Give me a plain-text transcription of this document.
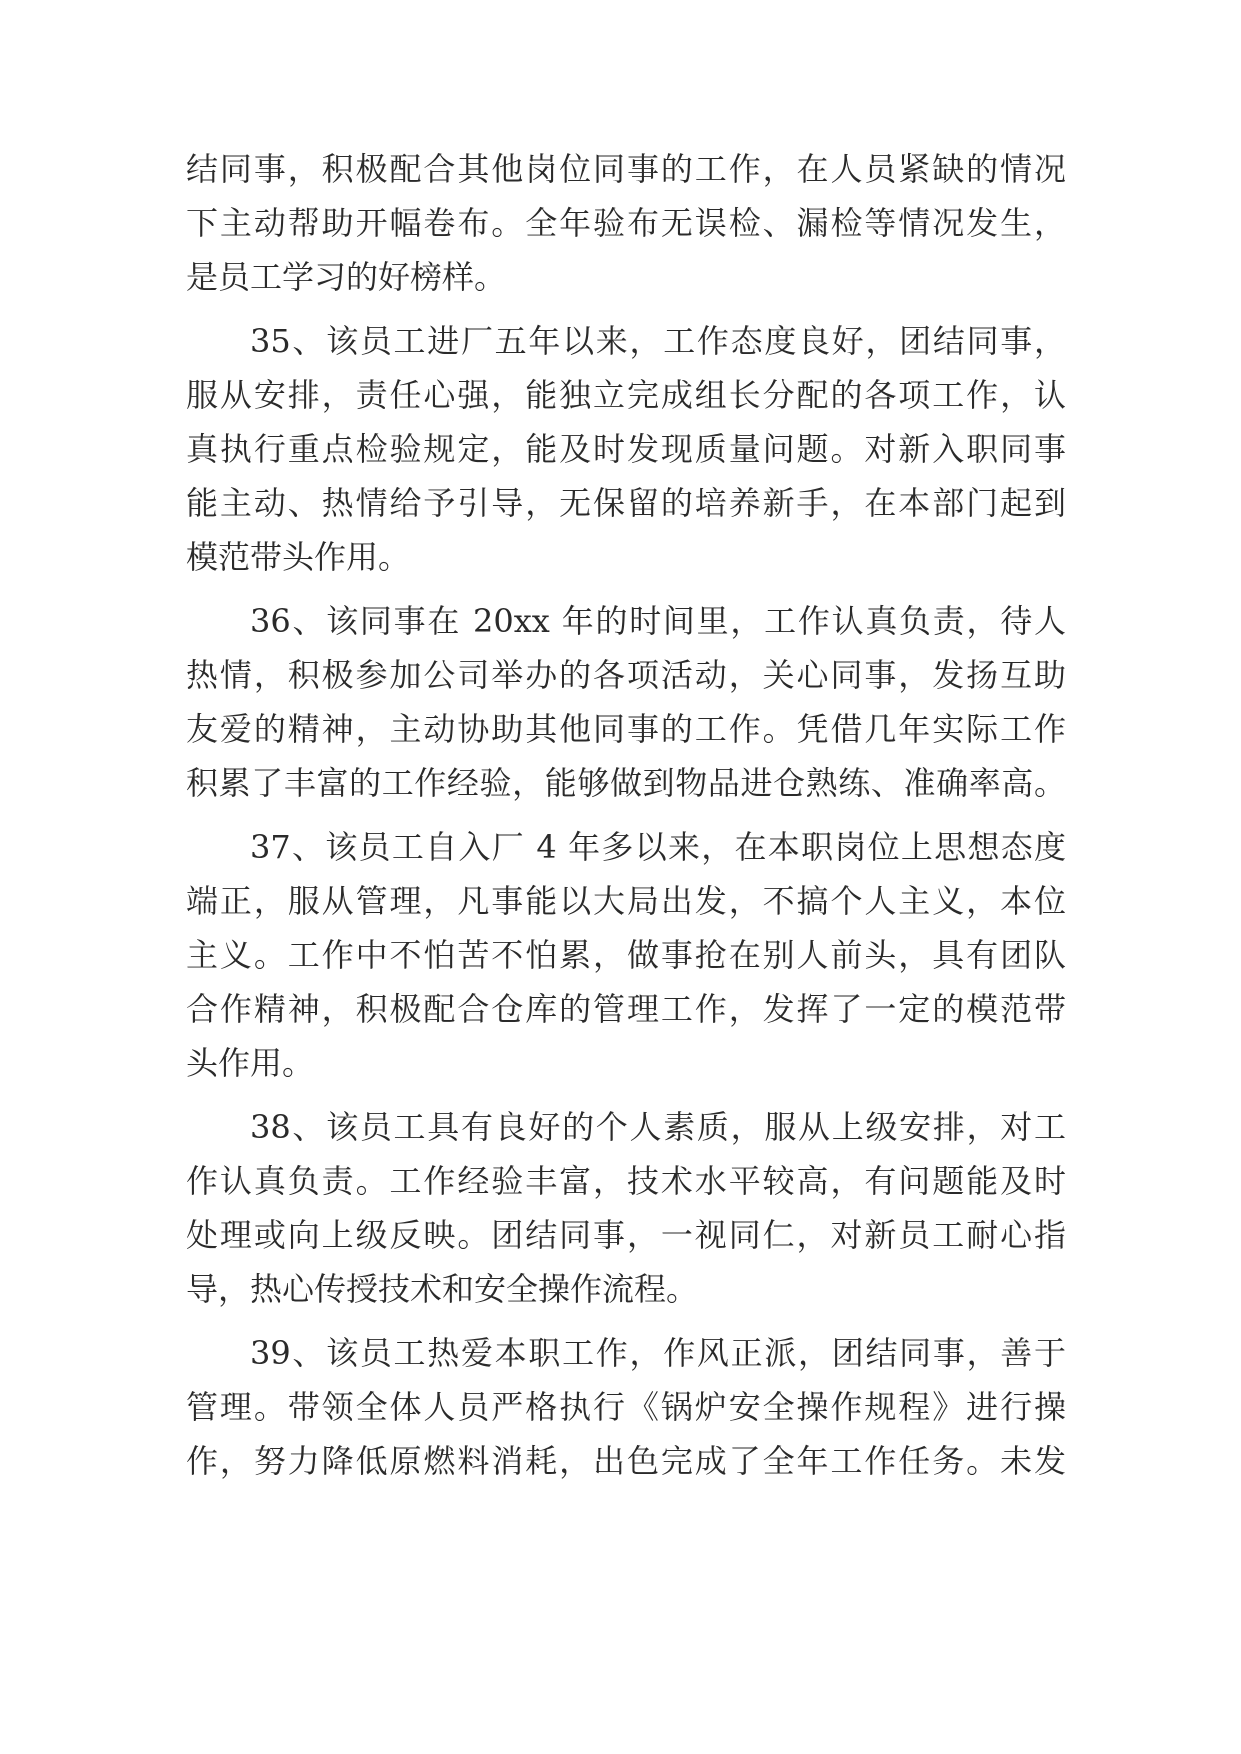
结同事，积极配合其他岗位同事的工作，在人员紧缺的情况

下主动帮助开幅卷布。全年验布无误检、漏检等情况发生，

是员工学习的好榜样。

35、该员工进厂五年以来，工作态度良好，团结同事，

服从安排，责任心强，能独立完成组长分配的各项工作，认

真执行重点检验规定，能及时发现质量问题。对新入职同事

能主动、热情给予引导，无保留的培养新手，在本部门起到

模范带头作用。

36、该同事在 20xx 年的时间里，工作认真负责，待人

热情，积极参加公司举办的各项活动，关心同事，发扬互助

友爱的精神，主动协助其他同事的工作。凭借几年实际工作

积累了丰富的工作经验，能够做到物品进仓熟练、准确率高。

37、该员工自入厂 4 年多以来，在本职岗位上思想态度

端正，服从管理，凡事能以大局出发，不搞个人主义，本位

主义。工作中不怕苦不怕累，做事抢在别人前头，具有团队

合作精神，积极配合仓库的管理工作，发挥了一定的模范带

头作用。

38、该员工具有良好的个人素质，服从上级安排，对工

作认真负责。工作经验丰富，技术水平较高，有问题能及时

处理或向上级反映。团结同事，一视同仁，对新员工耐心指

导，热心传授技术和安全操作流程。

39、该员工热爱本职工作，作风正派，团结同事，善于

管理。带领全体人员严格执行《锅炉安全操作规程》进行操

作，努力降低原燃料消耗，出色完成了全年工作任务。未发
